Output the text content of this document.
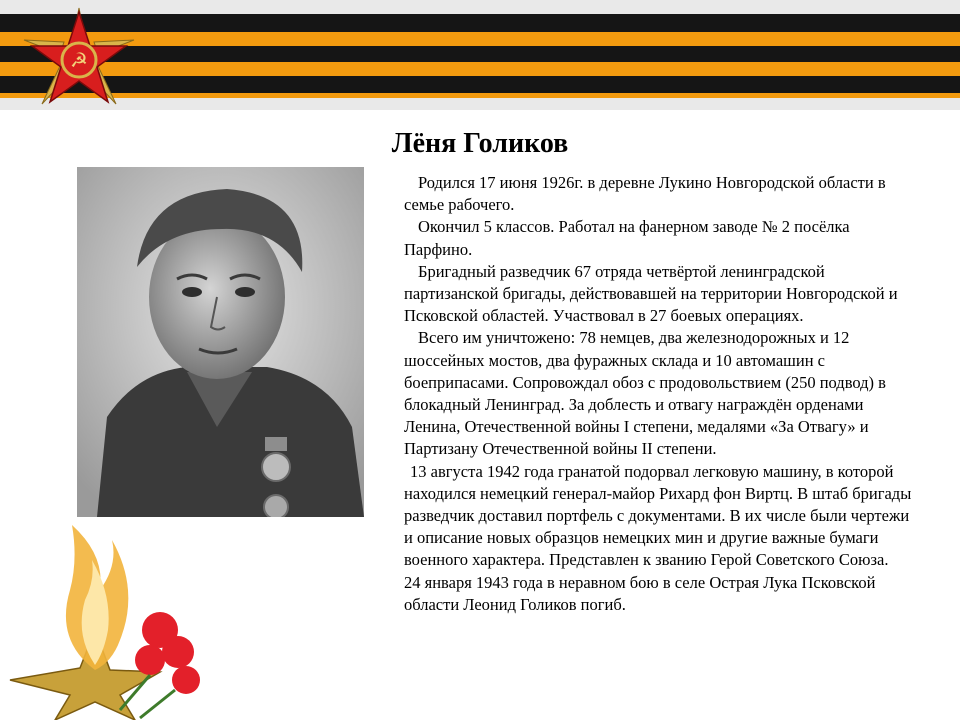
☭
Лёня Голиков

Родился 17 июня 1926г. в деревне Лукино Новгородской области в семье рабочего.

Окончил 5 классов. Работал на фанерном заводе № 2 посёлка Парфино.

Бригадный разведчик 67 отряда четвёртой ленинградской партизанской бригады, действовавшей на территории Новгородской и Псковской областей. Участвовал в 27 боевых операциях.

Всего им уничтожено: 78 немцев, два железнодорожных и 12 шоссейных мостов, два фуражных склада и 10 автомашин с боеприпасами. Сопровождал обоз с продовольствием (250 подвод) в блокадный Ленинград. За доблесть и отвагу награждён орденами Ленина, Отечественной войны I степени, медалями «За Отвагу» и Партизану Отечественной войны II степени.

13 августа 1942 года гранатой подорвал легковую машину, в которой находился немецкий генерал-майор Рихард фон Виртц. В штаб бригады разведчик доставил портфель с документами. В их числе были чертежи и описание новых образцов немецких мин и другие важные бумаги военного характера. Представлен к званию Герой Советского Союза.

24 января 1943 года в неравном бою в селе Острая Лука Псковской области Леонид Голиков погиб.
